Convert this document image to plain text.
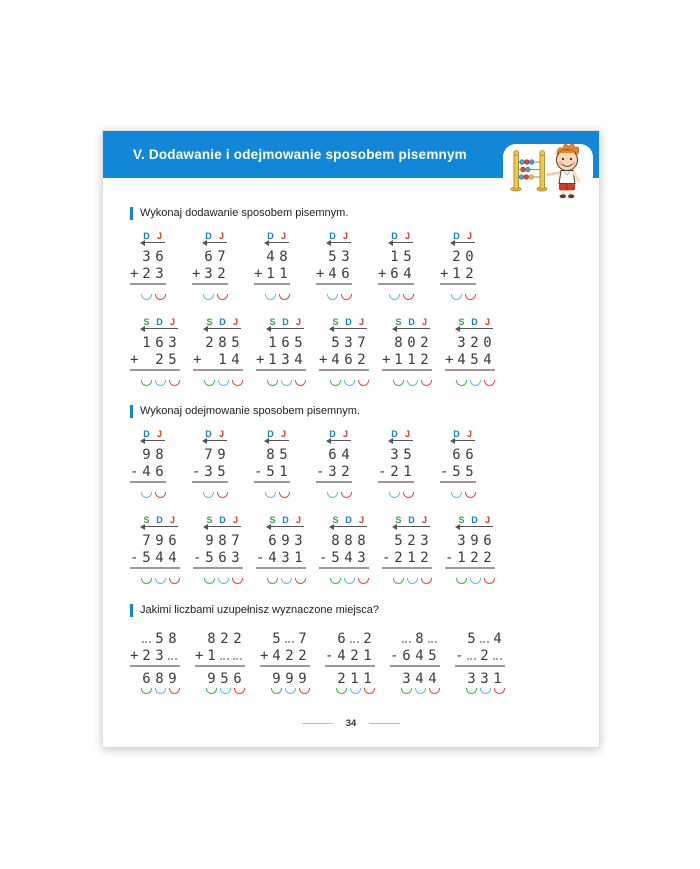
V. Dodawanie i odejmowanie sposobem pisemnym
Wykonaj dodawanie sposobem pisemnym.
D J
3 6
+ 2 3
D J
6 7
+ 3 2
D J
4 8
+ 1 1
D J
5 3
+ 4 6
D J
1 5
+ 6 4
D J
2 0
+ 1 2
S D J
1 6 3
+ 2 5
S D J
2 8 5
+ 1 4
S D J
1 6 5
+ 1 3 4
S D J
5 3 7
+ 4 6 2
S D J
8 0 2
+ 1 1 2
S D J
3 2 0
+ 4 5 4
Wykonaj odejmowanie sposobem pisemnym.
D J
9 8
- 4 6
D J
7 9
- 3 5
D J
8 5
- 5 1
D J
6 4
- 3 2
D J
3 5
- 2 1
D J
6 6
- 5 5
S D J
7 9 6
- 5 4 4
S D J
9 8 7
- 5 6 3
S D J
6 9 3
- 4 3 1
S D J
8 8 8
- 5 4 3
S D J
5 2 3
- 2 1 2
S D J
3 9 6
- 1 2 2
Jakimi liczbami uzupełnisz wyznaczone miejsca?
5 8
+ 2 3
6 8 9
8 2 2
+ 1
9 5 6
5 7
+ 4 2 2
9 9 9
6 2
- 4 2 1
2 1 1
8
- 6 4 5
3 4 4
5 4
- 2
3 3 1
34
